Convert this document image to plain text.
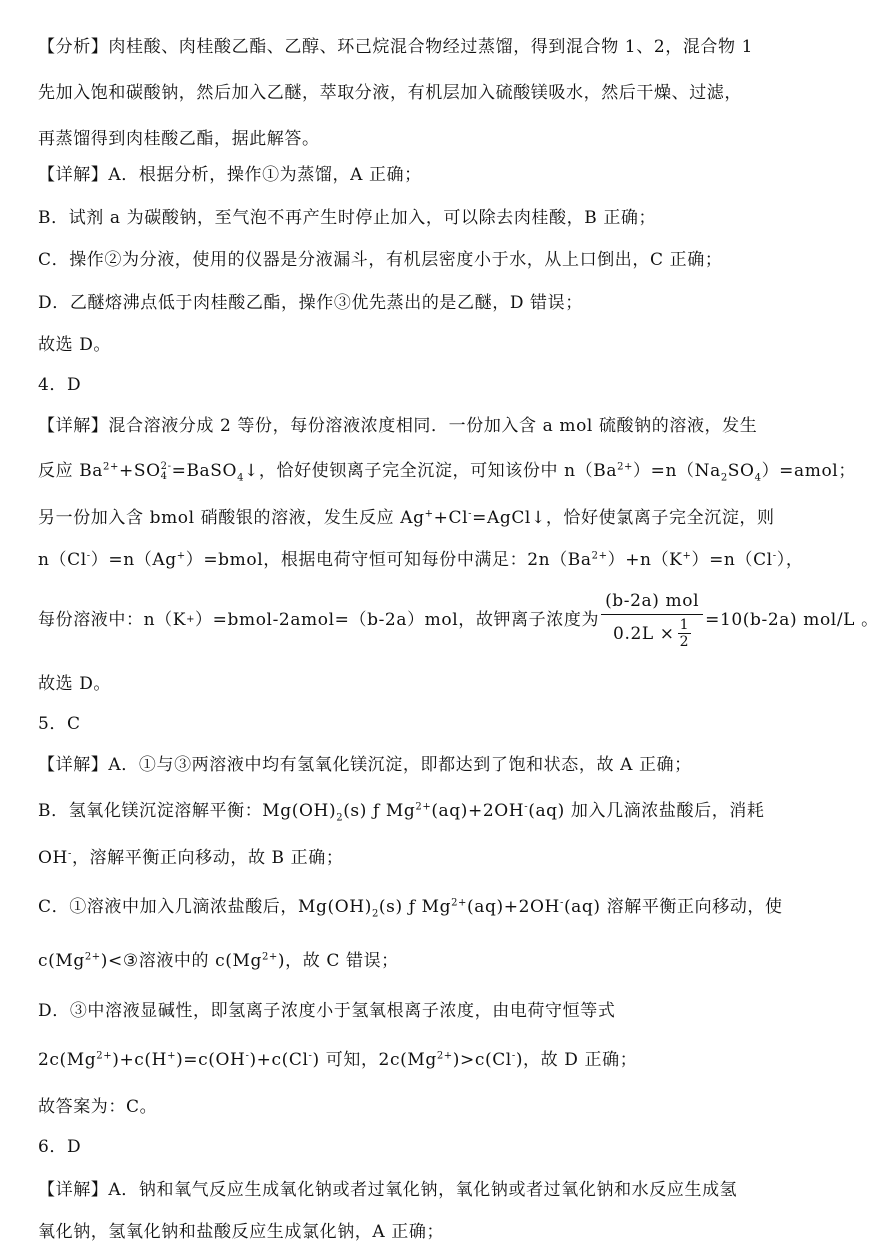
【分析】肉桂酸、肉桂酸乙酯、乙醇、环己烷混合物经过蒸馏，得到混合物 1、2，混合物 1
先加入饱和碳酸钠，然后加入乙醚，萃取分液，有机层加入硫酸镁吸水，然后干燥、过滤，
再蒸馏得到肉桂酸乙酯，据此解答。
【详解】A．根据分析，操作①为蒸馏，A 正确；
B．试剂 a 为碳酸钠，至气泡不再产生时停止加入，可以除去肉桂酸，B 正确；
C．操作②为分液，使用的仪器是分液漏斗，有机层密度小于水，从上口倒出，C 正确；
D．乙醚熔沸点低于肉桂酸乙酯，操作③优先蒸出的是乙醚，D 错误；
故选 D。
4．D
【详解】混合溶液分成 2 等份，每份溶液浓度相同．一份加入含 a mol 硫酸钠的溶液，发生
反应 $Ba^{2+}+SO$ 2-
4 =BaSO$_4$↓，恰好使钡离子完全沉淀，可知该份中 $n(Ba^{2+})=n(Na_2SO_4)=amol$；
另一份加入含 bmol 硝酸银的溶液，发生反应 Ag++Cl-=AgCl↓，恰好使氯离子完全沉淀，则
n（Cl-）=n（Ag+）=bmol，根据电荷守恒可知每份中满足：$2n(Ba^{2+})+n(K^+)=n(Cl^-)$，
每份溶液中：n（K + ）=bmol-2amol=（b-2a）mol，故钾离子浓度为 $\frac{\text{(b-2a) mol}}{0.2L \times \frac{1}{2}} =10(b-2a)$ mol/L 。
故选 D。
5．C
【详解】A．①与③两溶液中均有氢氧化镁沉淀，即都达到了饱和状态，故 A 正确；
B．氢氧化镁沉淀溶解平衡：$Mg(OH)_2(s)$ ƒ $Mg^{2+}(aq)+2OH^-(aq)$ 加入几滴浓盐酸后，消耗
OH-，溶解平衡正向移动，故 B 正确；
C．①溶液中加入几滴浓盐酸后，$Mg(OH)_2(s)$ ƒ $Mg^{2+}(aq)+2OH^-(aq)$ 溶解平衡正向移动，使
$c(Mg^{2+})<③$溶液中的 $c(Mg^{2+})$，故 C 错误；
D．③中溶液显碱性，即氢离子浓度小于氢氧根离子浓度，由电荷守恒等式
$2c(Mg^{2+})+c(H^+)=c(OH^-)+c(Cl^-)$ 可知，$2c(Mg^{2+})>c(Cl^-)$，故 D 正确；
故答案为：C。
6．D
【详解】A．钠和氧气反应生成氧化钠或者过氧化钠，氧化钠或者过氧化钠和水反应生成氢
氧化钠，氢氧化钠和盐酸反应生成氯化钠，A 正确；
